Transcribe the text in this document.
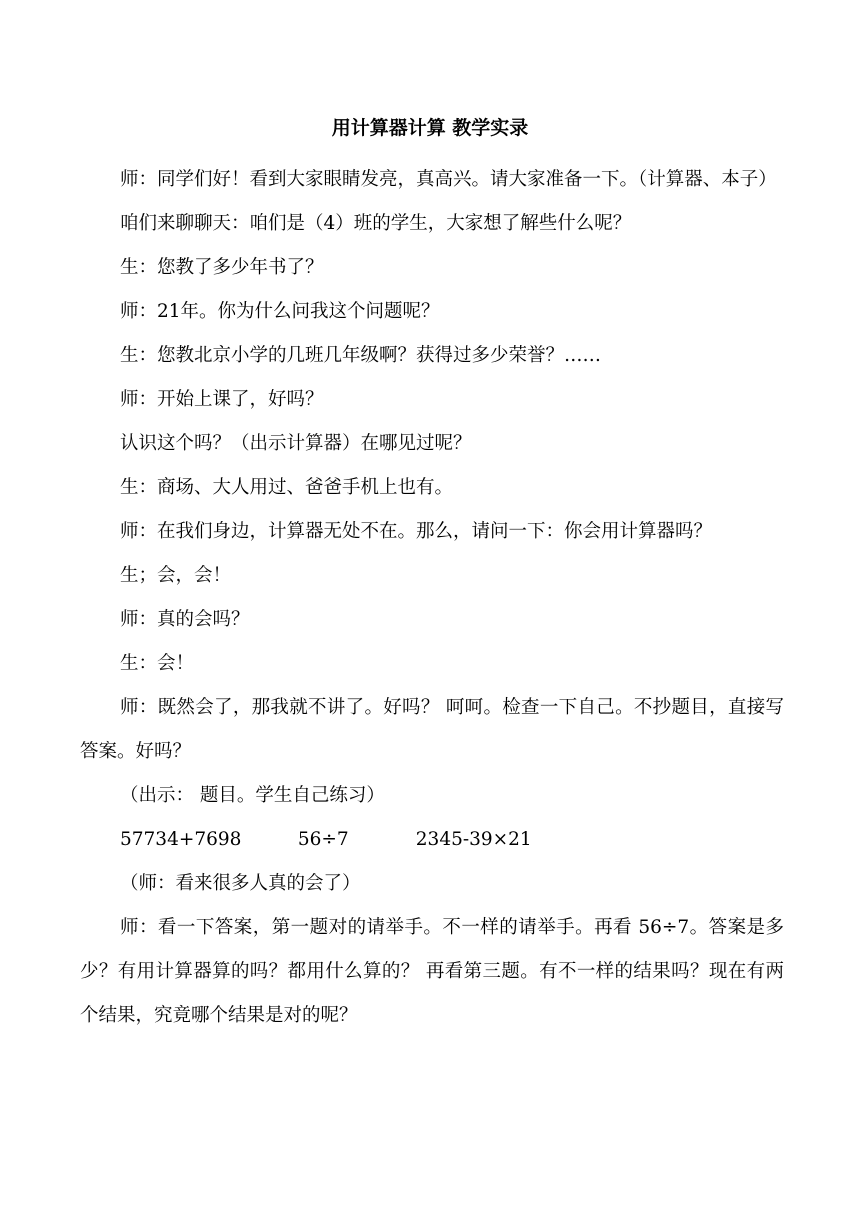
用计算器计算 教学实录

师：同学们好！看到大家眼睛发亮，真高兴。请大家准备一下。（计算器、本子）

咱们来聊聊天：咱们是（4）班的学生，大家想了解些什么呢？

生：您教了多少年书了？

师：21年。你为什么问我这个问题呢？

生：您教北京小学的几班几年级啊？获得过多少荣誉？……

师：开始上课了，好吗？

认识这个吗？（出示计算器）在哪见过呢？

生：商场、大人用过、爸爸手机上也有。

师：在我们身边，计算器无处不在。那么，请问一下：你会用计算器吗？

生；会，会！

师：真的会吗？

生：会！

师：既然会了，那我就不讲了。好吗？ 呵呵。检查一下自己。不抄题目，直接写答案。好吗？

（出示： 题目。学生自己练习）

57734+7698	56÷7	2345-39×21

（师：看来很多人真的会了）

师：看一下答案，第一题对的请举手。不一样的请举手。再看 56÷7。答案是多少？有用计算器算的吗？都用什么算的？ 再看第三题。有不一样的结果吗？现在有两个结果，究竟哪个结果是对的呢？
